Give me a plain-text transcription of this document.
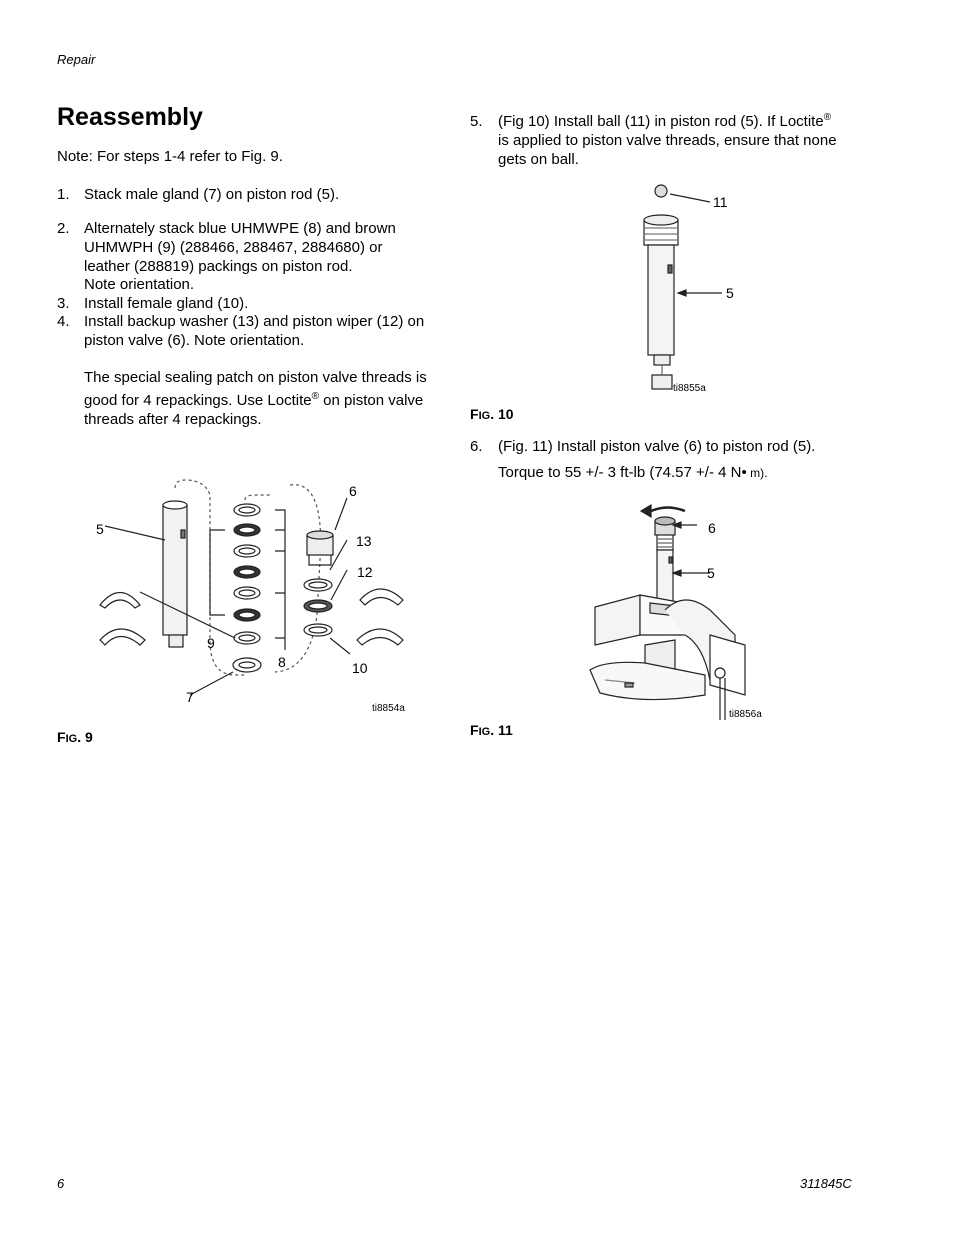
Repair
Reassembly
Note: For steps 1-4 refer to Fig. 9.
1. Stack male gland (7) on piston rod (5).
2. Alternately stack blue UHMWPE (8) and brown
UHMWPH (9) (288466, 288467, 2884680) or
leather (288819) packings on piston rod.
Note orientation.
3. Install female gland (10).
4. Install backup washer (13) and piston wiper (12) on
piston valve (6). Note orientation.
The special sealing patch on piston valve threads is
good for 4 repackings. Use Loctite® on piston valve
threads after 4 repackings.
5
6
13
12
9
8
7
10
ti8854a
FIG. 9
5. (Fig 10) Install ball (11) in piston rod (5). If Loctite®
is applied to piston valve threads, ensure that none
gets on ball.
11
5
ti8855a
FIG. 10
6. (Fig. 11) Install piston valve (6) to piston rod (5).
Torque to 55 +/- 3 ft-lb (74.57 +/- 4 N• m).
6
5
ti8856a
FIG. 11
6	311845C
